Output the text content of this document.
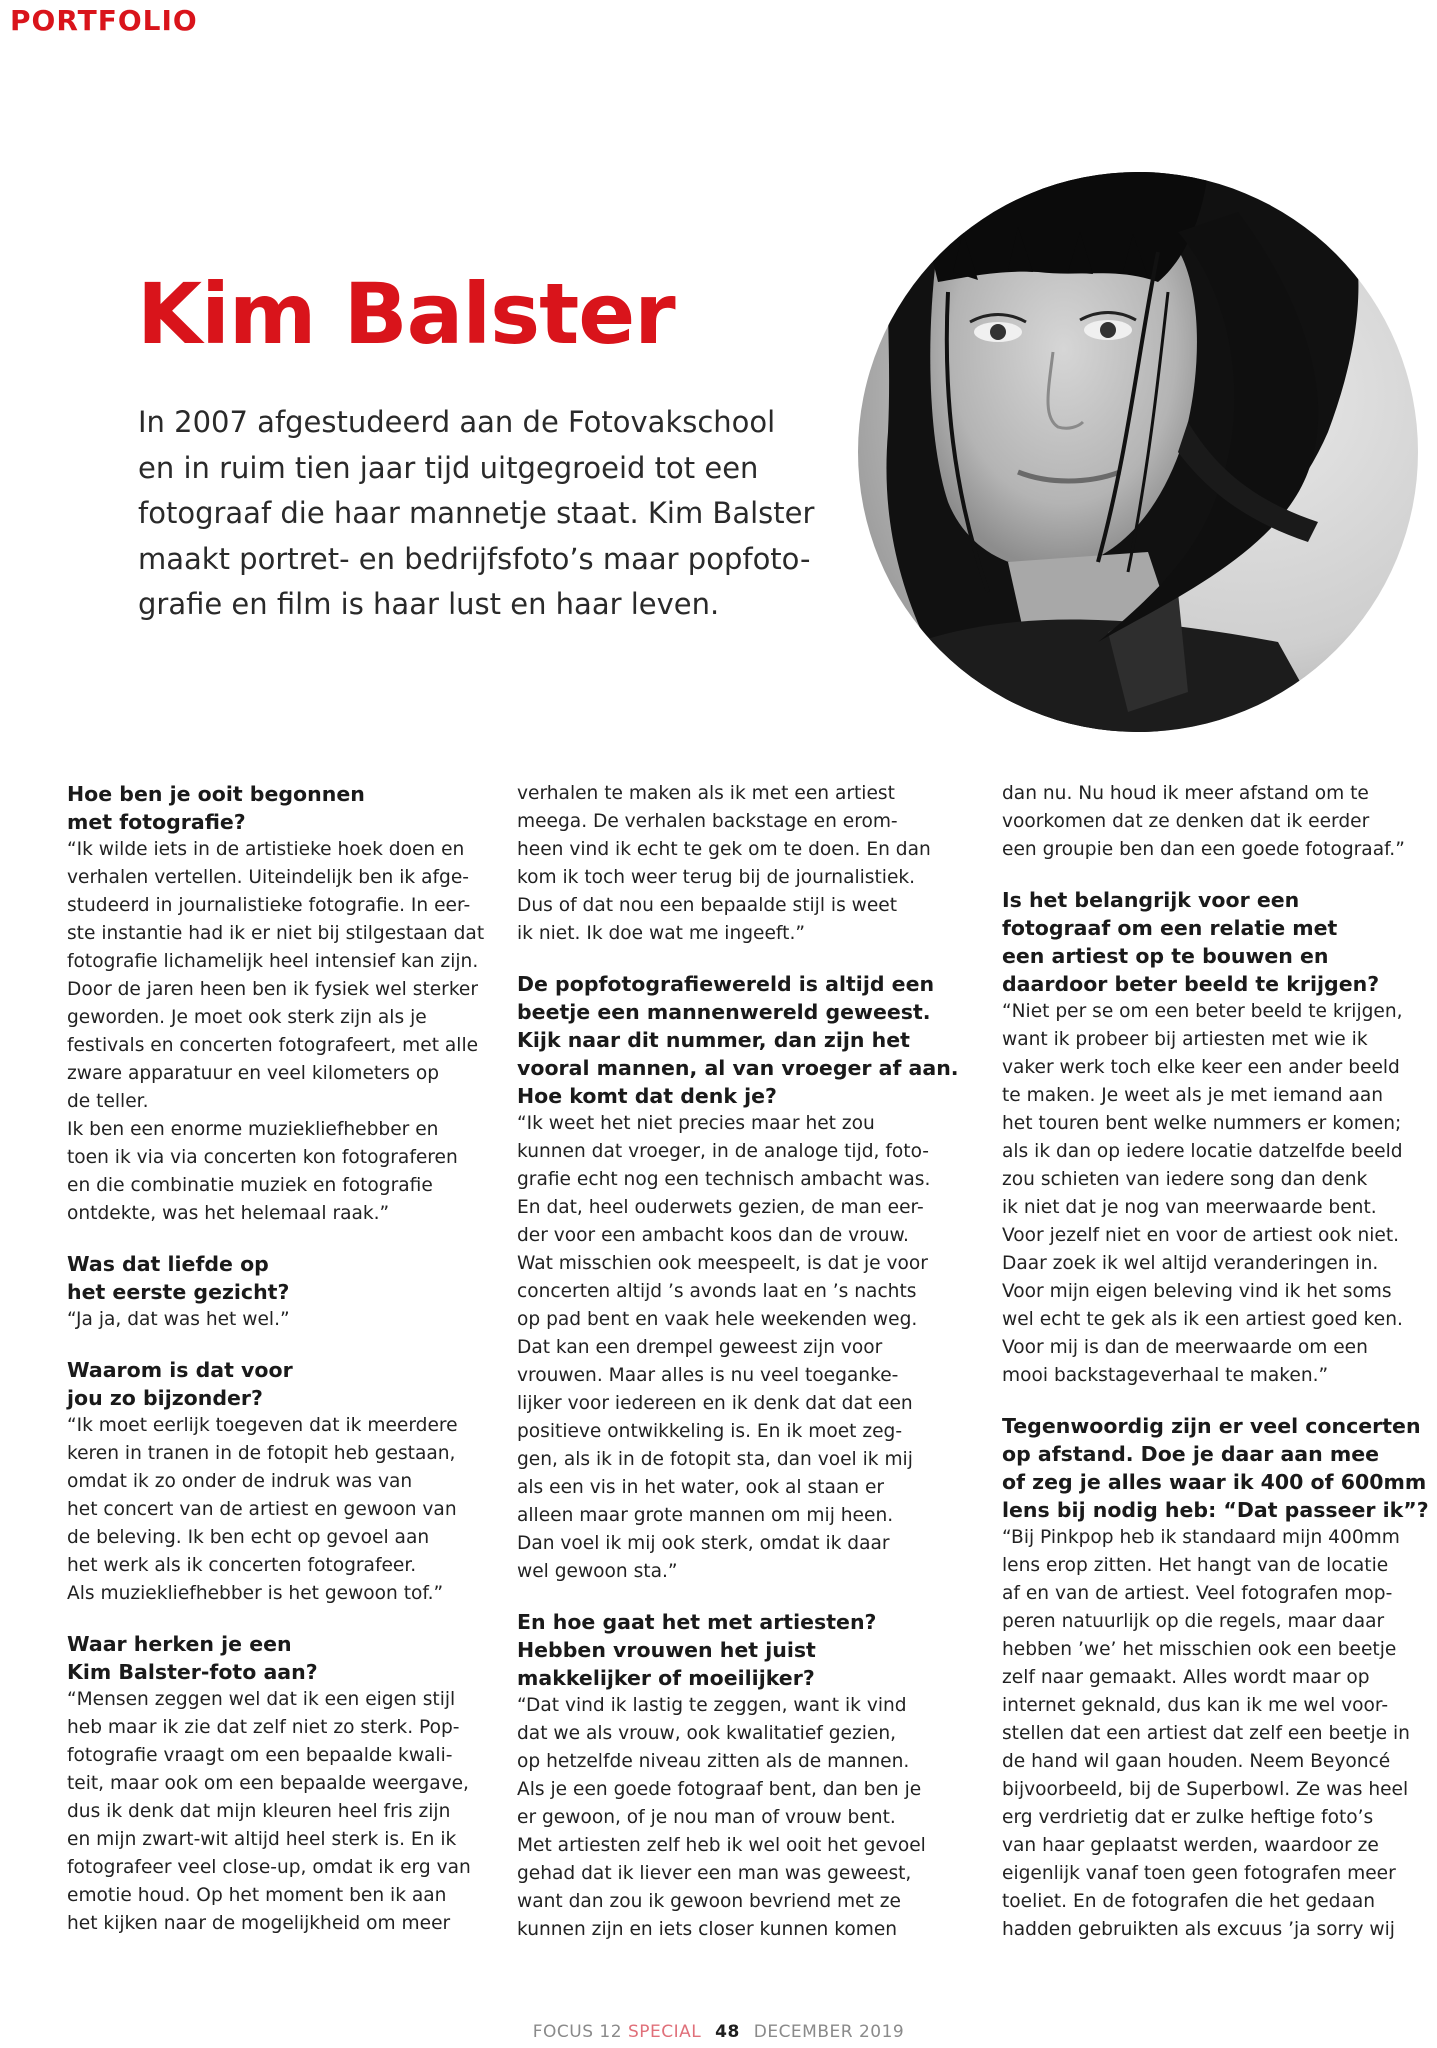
PORTFOLIO
Kim Balster

In 2007 afgestudeerd aan de Fotovakschool
en in ruim tien jaar tijd uitgegroeid tot een
fotograaf die haar mannetje staat. Kim Balster
maakt portret- en bedrijfsfoto’s maar popfoto-
grafie en film is haar lust en haar leven.

Hoe ben je ooit begonnen
met fotografie?

“Ik wilde iets in de artistieke hoek doen en
verhalen vertellen. Uiteindelijk ben ik afge-
studeerd in journalistieke fotografie. In eer-
ste instantie had ik er niet bij stilgestaan dat
fotografie lichamelijk heel intensief kan zijn.
Door de jaren heen ben ik fysiek wel sterker
geworden. Je moet ook sterk zijn als je
festivals en concerten fotografeert, met alle
zware apparatuur en veel kilometers op
de teller.
Ik ben een enorme muziekliefhebber en
toen ik via via concerten kon fotograferen
en die combinatie muziek en fotografie
ontdekte, was het helemaal raak.”

Was dat liefde op
het eerste gezicht?

“Ja ja, dat was het wel.”

Waarom is dat voor
jou zo bijzonder?

“Ik moet eerlijk toegeven dat ik meerdere
keren in tranen in de fotopit heb gestaan,
omdat ik zo onder de indruk was van
het concert van de artiest en gewoon van
de beleving. Ik ben echt op gevoel aan
het werk als ik concerten fotografeer.
Als muziekliefhebber is het gewoon tof.”

Waar herken je een
Kim Balster-foto aan?

“Mensen zeggen wel dat ik een eigen stijl
heb maar ik zie dat zelf niet zo sterk. Pop-
fotografie vraagt om een bepaalde kwali-
teit, maar ook om een bepaalde weergave,
dus ik denk dat mijn kleuren heel fris zijn
en mijn zwart-wit altijd heel sterk is. En ik
fotografeer veel close-up, omdat ik erg van
emotie houd. Op het moment ben ik aan
het kijken naar de mogelijkheid om meer

verhalen te maken als ik met een artiest
meega. De verhalen backstage en erom-
heen vind ik echt te gek om te doen. En dan
kom ik toch weer terug bij de journalistiek.
Dus of dat nou een bepaalde stijl is weet
ik niet. Ik doe wat me ingeeft.”

De popfotografiewereld is altijd een
beetje een mannenwereld geweest.
Kijk naar dit nummer, dan zijn het
vooral mannen, al van vroeger af aan.
Hoe komt dat denk je?

“Ik weet het niet precies maar het zou
kunnen dat vroeger, in de analoge tijd, foto-
grafie echt nog een technisch ambacht was.
En dat, heel ouderwets gezien, de man eer-
der voor een ambacht koos dan de vrouw.
Wat misschien ook meespeelt, is dat je voor
concerten altijd ’s avonds laat en ’s nachts
op pad bent en vaak hele weekenden weg.
Dat kan een drempel geweest zijn voor
vrouwen. Maar alles is nu veel toeganke-
lijker voor iedereen en ik denk dat dat een
positieve ontwikkeling is. En ik moet zeg-
gen, als ik in de fotopit sta, dan voel ik mij
als een vis in het water, ook al staan er
alleen maar grote mannen om mij heen.
Dan voel ik mij ook sterk, omdat ik daar
wel gewoon sta.”

En hoe gaat het met artiesten?
Hebben vrouwen het juist
makkelijker of moeilijker?

“Dat vind ik lastig te zeggen, want ik vind
dat we als vrouw, ook kwalitatief gezien,
op hetzelfde niveau zitten als de mannen.
Als je een goede fotograaf bent, dan ben je
er gewoon, of je nou man of vrouw bent.
Met artiesten zelf heb ik wel ooit het gevoel
gehad dat ik liever een man was geweest,
want dan zou ik gewoon bevriend met ze
kunnen zijn en iets closer kunnen komen

dan nu. Nu houd ik meer afstand om te
voorkomen dat ze denken dat ik eerder
een groupie ben dan een goede fotograaf.”

Is het belangrijk voor een
fotograaf om een relatie met
een artiest op te bouwen en
daardoor beter beeld te krijgen?

“Niet per se om een beter beeld te krijgen,
want ik probeer bij artiesten met wie ik
vaker werk toch elke keer een ander beeld
te maken. Je weet als je met iemand aan
het touren bent welke nummers er komen;
als ik dan op iedere locatie datzelfde beeld
zou schieten van iedere song dan denk
ik niet dat je nog van meerwaarde bent.
Voor jezelf niet en voor de artiest ook niet.
Daar zoek ik wel altijd veranderingen in.
Voor mijn eigen beleving vind ik het soms
wel echt te gek als ik een artiest goed ken.
Voor mij is dan de meerwaarde om een
mooi backstageverhaal te maken.”

Tegenwoordig zijn er veel concerten
op afstand. Doe je daar aan mee
of zeg je alles waar ik 400 of 600mm
lens bij nodig heb: “Dat passeer ik”?

“Bij Pinkpop heb ik standaard mijn 400mm
lens erop zitten. Het hangt van de locatie
af en van de artiest. Veel fotografen mop-
peren natuurlijk op die regels, maar daar
hebben ’we’ het misschien ook een beetje
zelf naar gemaakt. Alles wordt maar op
internet geknald, dus kan ik me wel voor-
stellen dat een artiest dat zelf een beetje in
de hand wil gaan houden. Neem Beyoncé
bijvoorbeeld, bij de Superbowl. Ze was heel
erg verdrietig dat er zulke heftige foto’s
van haar geplaatst werden, waardoor ze
eigenlijk vanaf toen geen fotografen meer
toeliet. En de fotografen die het gedaan
hadden gebruikten als excuus ’ja sorry wij

FOCUS 12 SPECIAL 48 DECEMBER 2019
